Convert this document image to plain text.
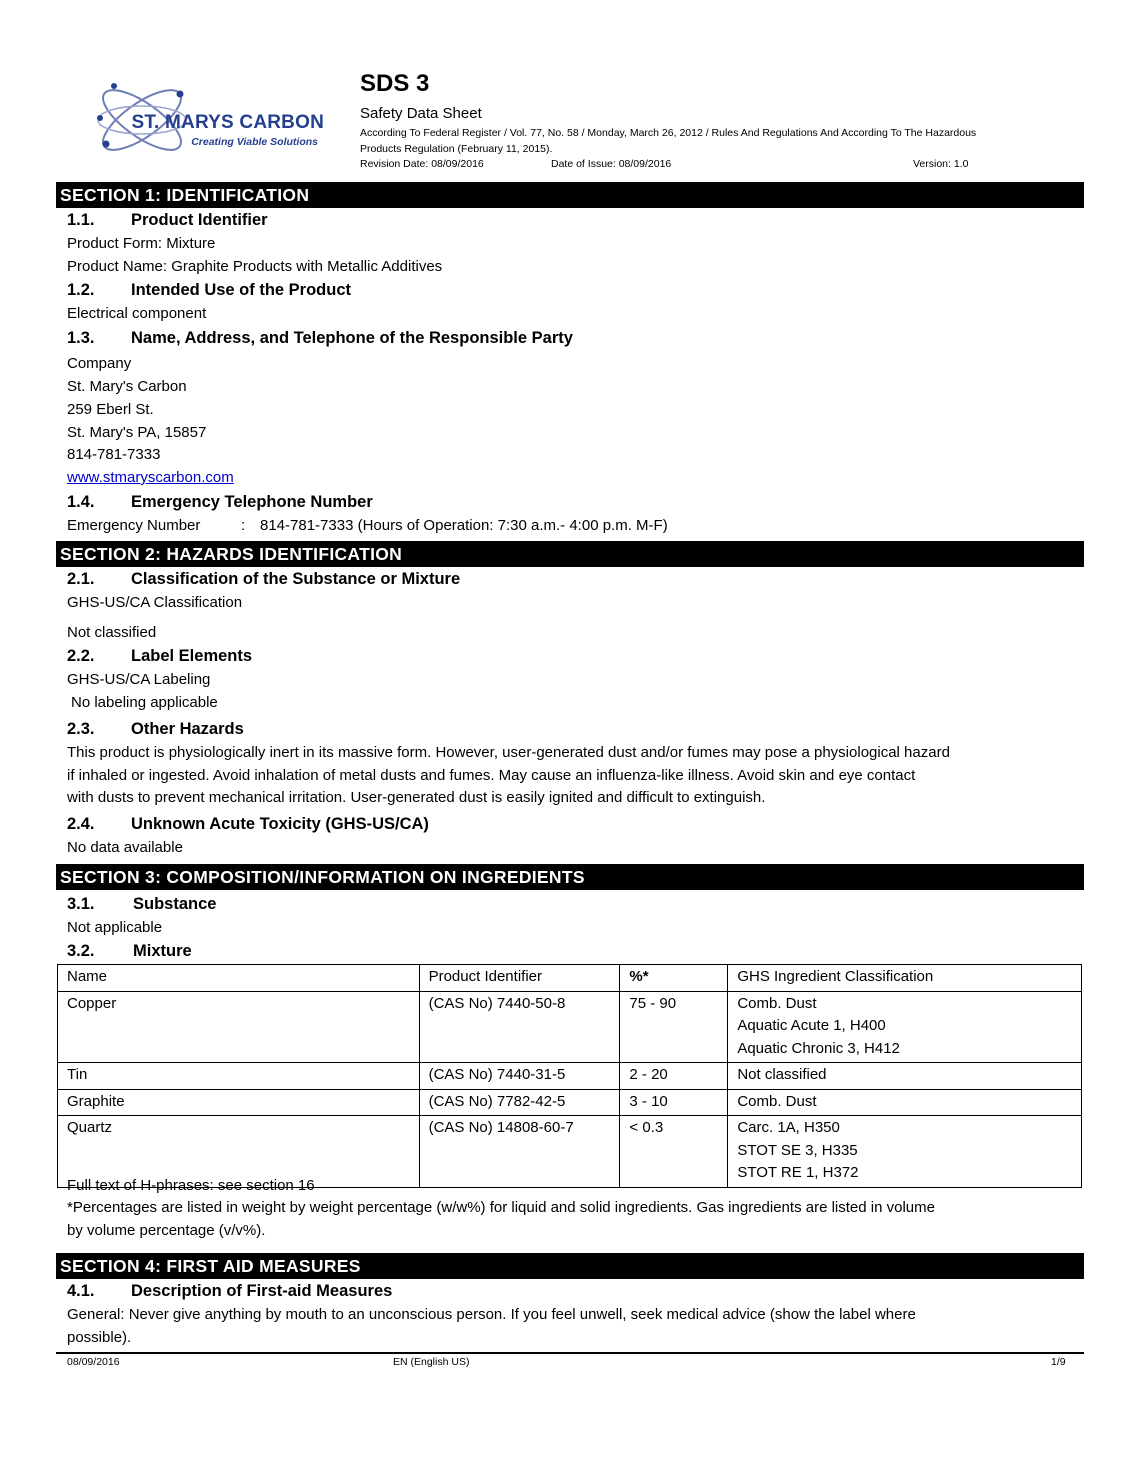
ST. MARYS CARBON
Creating Viable Solutions
SDS 3
Safety Data Sheet
According To Federal Register / Vol. 77, No. 58 / Monday, March 26, 2012 / Rules And Regulations And According To The Hazardous
Products Regulation (February 11, 2015).
Revision Date: 08/09/2016	Date of Issue: 08/09/2016	Version: 1.0
SECTION 1: IDENTIFICATION
1.1. Product Identifier
Product Form: Mixture
Product Name: Graphite Products with Metallic Additives
1.2. Intended Use of the Product
Electrical component
1.3. Name, Address, and Telephone of the Responsible Party
Company
St. Mary's Carbon
259 Eberl St.
St. Mary's PA, 15857
814-781-7333
www.stmaryscarbon.com
1.4. Emergency Telephone Number
Emergency Number	: 814-781-7333 (Hours of Operation: 7:30 a.m.- 4:00 p.m. M-F)
SECTION 2: HAZARDS IDENTIFICATION
2.1. Classification of the Substance or Mixture
GHS-US/CA Classification
Not classified
2.2. Label Elements
GHS-US/CA Labeling
No labeling applicable
2.3. Other Hazards
This product is physiologically inert in its massive form. However, user-generated dust and/or fumes may pose a physiological hazard
if inhaled or ingested. Avoid inhalation of metal dusts and fumes. May cause an influenza-like illness. Avoid skin and eye contact
with dusts to prevent mechanical irritation. User-generated dust is easily ignited and difficult to extinguish.
2.4. Unknown Acute Toxicity (GHS-US/CA)
No data available
SECTION 3: COMPOSITION/INFORMATION ON INGREDIENTS
3.1. Substance
Not applicable
3.2. Mixture
Name	Product Identifier	%*	GHS Ingredient Classification
Copper	(CAS No) 7440-50-8	75 - 90	Comb. Dust
Aquatic Acute 1, H400
Aquatic Chronic 3, H412

Tin	(CAS No) 7440-31-5	2 - 20	Not classified

Graphite	(CAS No) 7782-42-5	3 - 10	Comb. Dust

Quartz	(CAS No) 14808-60-7	< 0.3	Carc. 1A, H350
STOT SE 3, H335
STOT RE 1, H372
Full text of H-phrases: see section 16
*Percentages are listed in weight by weight percentage (w/w%) for liquid and solid ingredients. Gas ingredients are listed in volume
by volume percentage (v/v%).
SECTION 4: FIRST AID MEASURES
4.1. Description of First-aid Measures
General: Never give anything by mouth to an unconscious person. If you feel unwell, seek medical advice (show the label where
possible).
08/09/2016	EN (English US)	1/9
